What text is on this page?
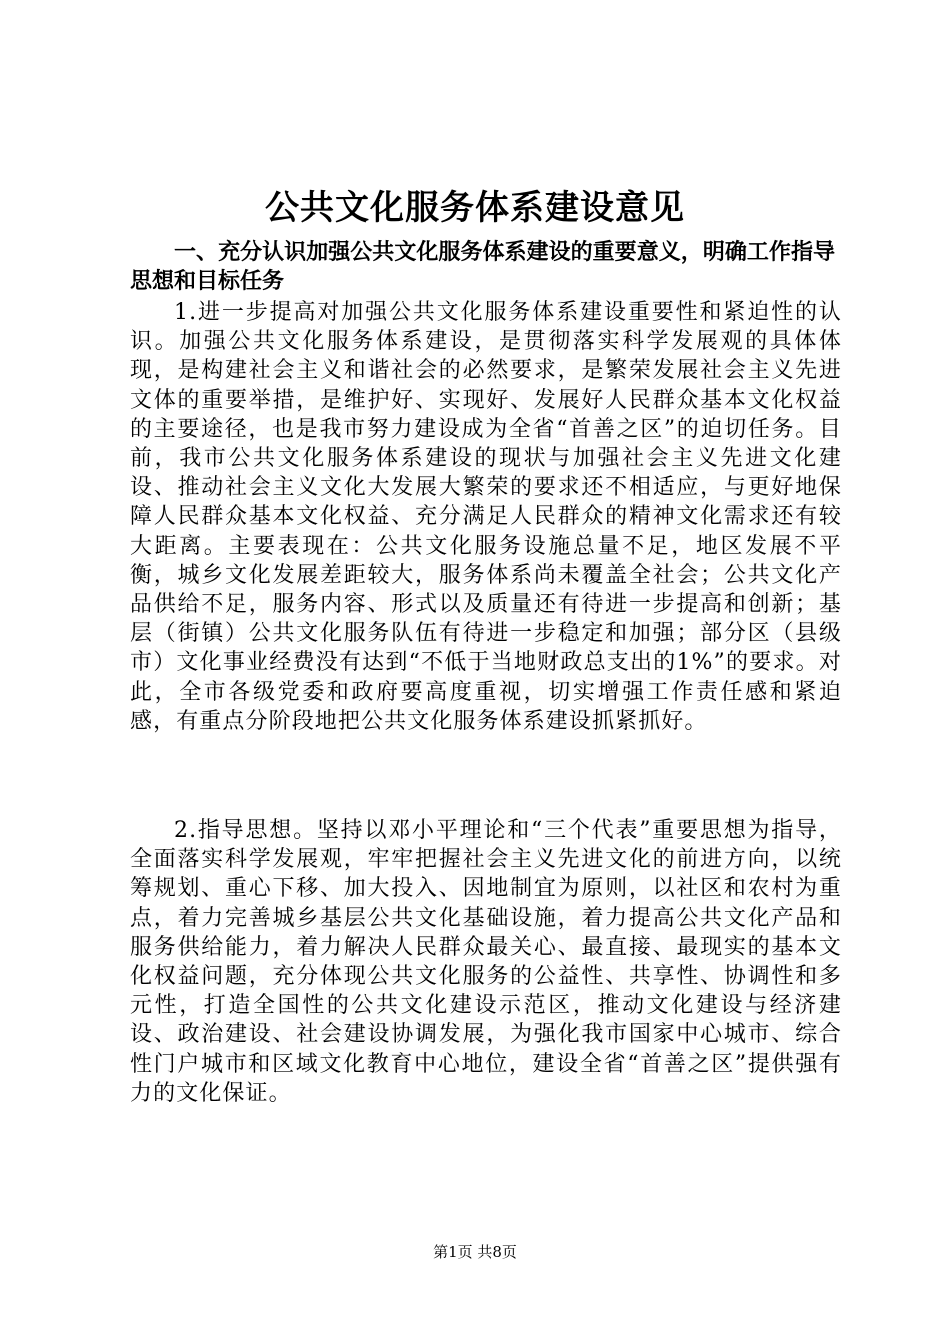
公共文化服务体系建设意见

一、充分认识加强公共文化服务体系建设的重要意义，明确工作指导思想和目标任务

1.进一步提高对加强公共文化服务体系建设重要性和紧迫性的认识。加强公共文化服务体系建设，是贯彻落实科学发展观的具体体现，是构建社会主义和谐社会的必然要求，是繁荣发展社会主义先进文体的重要举措，是维护好、实现好、发展好人民群众基本文化权益的主要途径，也是我市努力建设成为全省“首善之区”的迫切任务。目前，我市公共文化服务体系建设的现状与加强社会主义先进文化建设、推动社会主义文化大发展大繁荣的要求还不相适应，与更好地保障人民群众基本文化权益、充分满足人民群众的精神文化需求还有较大距离。主要表现在：公共文化服务设施总量不足，地区发展不平衡，城乡文化发展差距较大，服务体系尚未覆盖全社会；公共文化产品供给不足，服务内容、形式以及质量还有待进一步提高和创新；基层（街镇）公共文化服务队伍有待进一步稳定和加强；部分区（县级市）文化事业经费没有达到“不低于当地财政总支出的1%”的要求。对此，全市各级党委和政府要高度重视，切实增强工作责任感和紧迫感，有重点分阶段地把公共文化服务体系建设抓紧抓好。

2.指导思想。坚持以邓小平理论和“三个代表”重要思想为指导，全面落实科学发展观，牢牢把握社会主义先进文化的前进方向，以统筹规划、重心下移、加大投入、因地制宜为原则，以社区和农村为重点，着力完善城乡基层公共文化基础设施，着力提高公共文化产品和服务供给能力，着力解决人民群众最关心、最直接、最现实的基本文化权益问题，充分体现公共文化服务的公益性、共享性、协调性和多元性，打造全国性的公共文化建设示范区，推动文化建设与经济建设、政治建设、社会建设协调发展，为强化我市国家中心城市、综合性门户城市和区域文化教育中心地位，建设全省“首善之区”提供强有力的文化保证。

第1页 共8页
